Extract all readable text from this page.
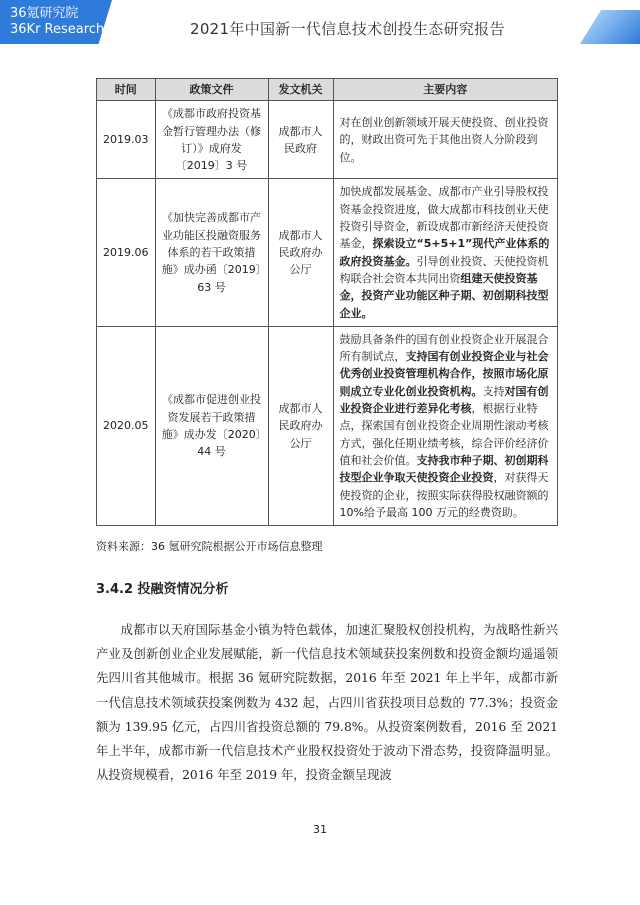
36氪研究院
36Kr Research	2021年中国新一代信息技术创投生态研究报告
时间	政策文件	发文机关	主要内容
2019.03	《成都市政府投资基金暂行管理办法（修订）》成府发〔2019〕3 号	成都市人民政府	对在创业创新领域开展天使投资、创业投资的，财政出资可先于其他出资人分阶段到位。
2019.06	《加快完善成都市产业功能区投融资服务体系的若干政策措施》成办函〔2019〕63 号	成都市人民政府办公厅	加快成都发展基金、成都市产业引导股权投资基金投资进度，做大成都市科技创业天使投资引导资金，新设成都市新经济天使投资基金，探索设立“5+5+1”现代产业体系的政府投资基金。引导创业投资、天使投资机构联合社会资本共同出资组建天使投资基金，投资产业功能区种子期、初创期科技型企业。
2020.05	《成都市促进创业投资发展若干政策措施》成办发〔2020〕44 号	成都市人民政府办公厅	鼓励具备条件的国有创业投资企业开展混合所有制试点，支持国有创业投资企业与社会优秀创业投资管理机构合作，按照市场化原则成立专业化创业投资机构。支持对国有创业投资企业进行差异化考核，根据行业特点，探索国有创业投资企业周期性滚动考核方式，强化任期业绩考核，综合评价经济价值和社会价值。支持我市种子期、初创期科技型企业争取天使投资企业投资，对获得天使投资的企业，按照实际获得股权融资额的 10%给予最高 100 万元的经费资助。
资料来源：36 氪研究院根据公开市场信息整理
3.4.2 投融资情况分析

成都市以天府国际基金小镇为特色载体，加速汇聚股权创投机构，为战略性新兴产业及创新创业企业发展赋能，新一代信息技术领域获投案例数和投资金额均遥遥领先四川省其他城市。根据 36 氪研究院数据，2016 年至 2021 年上半年，成都市新一代信息技术领域获投案例数为 432 起，占四川省获投项目总数的 77.3%；投资金额为 139.95 亿元，占四川省投资总额的 79.8%。从投资案例数看，2016 至 2021 年上半年，成都市新一代信息技术产业股权投资处于波动下滑态势，投资降温明显。从投资规模看，2016 年至 2019 年，投资金额呈现波

31
